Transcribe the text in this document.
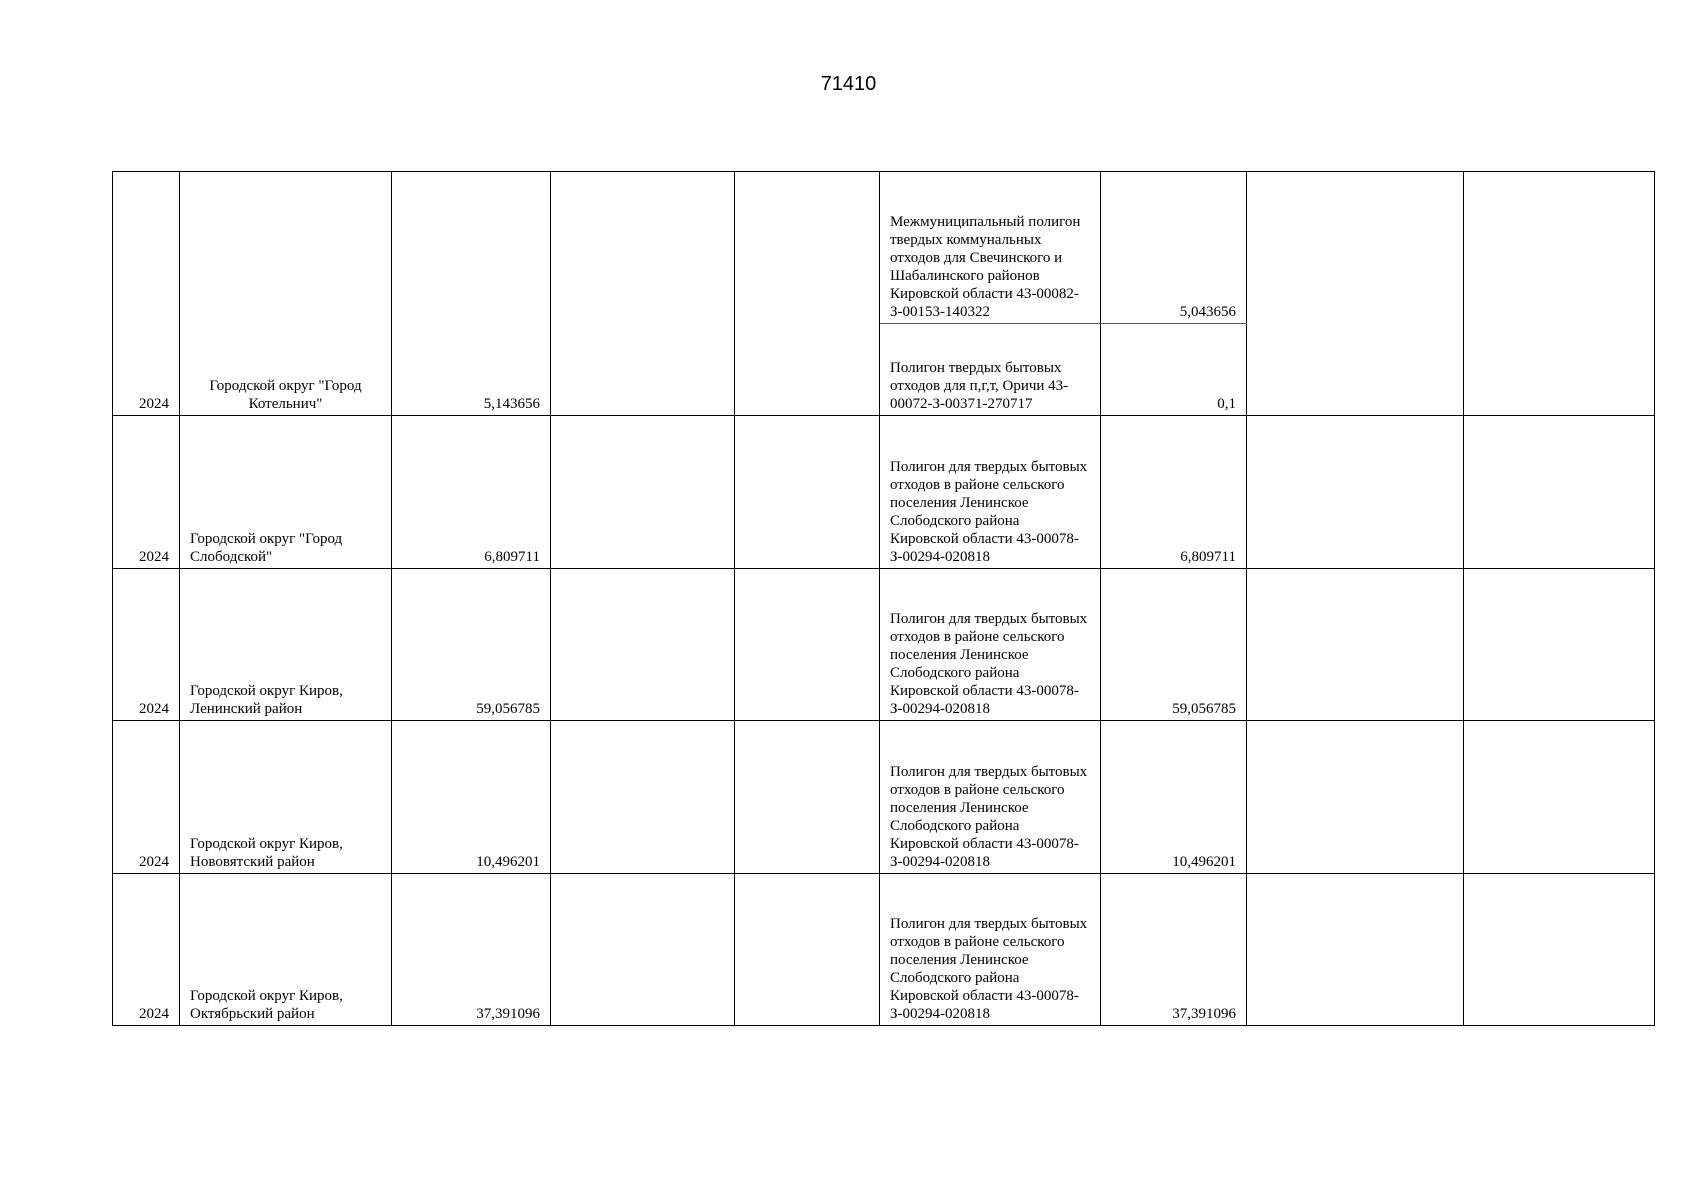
71410
2024	Городской округ "Город Котельнич"	5,143656			Межмуниципальный полигон твердых коммунальных отходов для Свечинского и Шабалинского районов Кировской области 43-00082-З-00153-140322	5,043656		
					Полигон твердых бытовых отходов для п,г,т, Оричи 43-00072-З-00371-270717	0,1		
2024	Городской округ "Город Слободской"	6,809711			Полигон для твердых бытовых отходов в районе сельского поселения Ленинское Слободского района Кировской области 43-00078-З-00294-020818	6,809711		
2024	Городской округ Киров, Ленинский район	59,056785			Полигон для твердых бытовых отходов в районе сельского поселения Ленинское Слободского района Кировской области 43-00078-З-00294-020818	59,056785		
2024	Городской округ Киров, Нововятский район	10,496201			Полигон для твердых бытовых отходов в районе сельского поселения Ленинское Слободского района Кировской области 43-00078-З-00294-020818	10,496201		
2024	Городской округ Киров, Октябрьский район	37,391096			Полигон для твердых бытовых отходов в районе сельского поселения Ленинское Слободского района Кировской области 43-00078-З-00294-020818	37,391096		
